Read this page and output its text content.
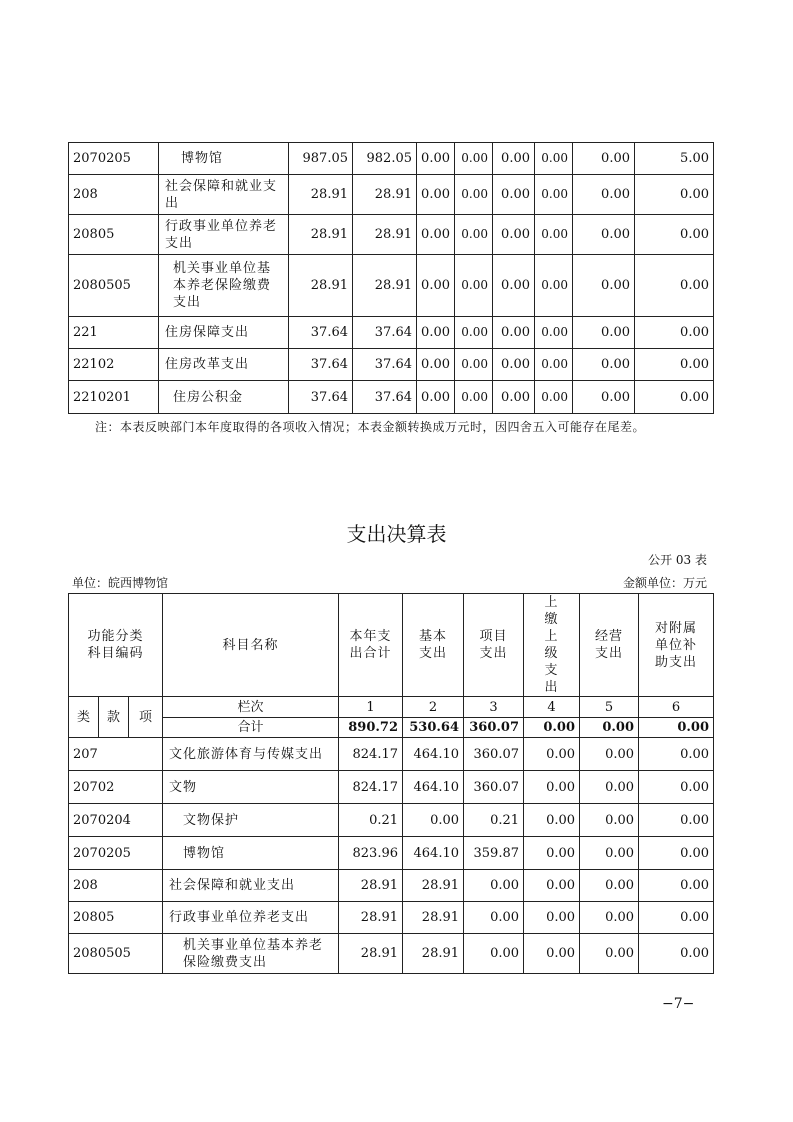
2070205	博物馆	987.05	982.05	0.00	0.00	0.00	0.00	0.00	5.00
208	社会保障和就业支出	28.91	28.91	0.00	0.00	0.00	0.00	0.00	0.00
20805	行政事业单位养老支出	28.91	28.91	0.00	0.00	0.00	0.00	0.00	0.00
2080505	机关事业单位基本养老保险缴费支出	28.91	28.91	0.00	0.00	0.00	0.00	0.00	0.00
221	住房保障支出	37.64	37.64	0.00	0.00	0.00	0.00	0.00	0.00
22102	住房改革支出	37.64	37.64	0.00	0.00	0.00	0.00	0.00	0.00
2210201	住房公积金	37.64	37.64	0.00	0.00	0.00	0.00	0.00	0.00
注：本表反映部门本年度取得的各项收入情况；本表金额转换成万元时，因四舍五入可能存在尾差。
支出决算表
公开 03 表
单位：皖西博物馆	金额单位：万元
功能分类科目编码			科目名称	本年支出合计	基本支出	项目支出	上缴上级支出	经营支出	对附属单位补助支出
类	款	项	栏次	1	2	3	4	5	6
			合计	890.72	530.64	360.07	0.00	0.00	0.00
207			文化旅游体育与传媒支出	824.17	464.10	360.07	0.00	0.00	0.00
20702			文物	824.17	464.10	360.07	0.00	0.00	0.00
2070204			文物保护	0.21	0.00	0.21	0.00	0.00	0.00
2070205			博物馆	823.96	464.10	359.87	0.00	0.00	0.00
208			社会保障和就业支出	28.91	28.91	0.00	0.00	0.00	0.00
20805			行政事业单位养老支出	28.91	28.91	0.00	0.00	0.00	0.00
2080505			机关事业单位基本养老保险缴费支出	28.91	28.91	0.00	0.00	0.00	0.00
−7−
